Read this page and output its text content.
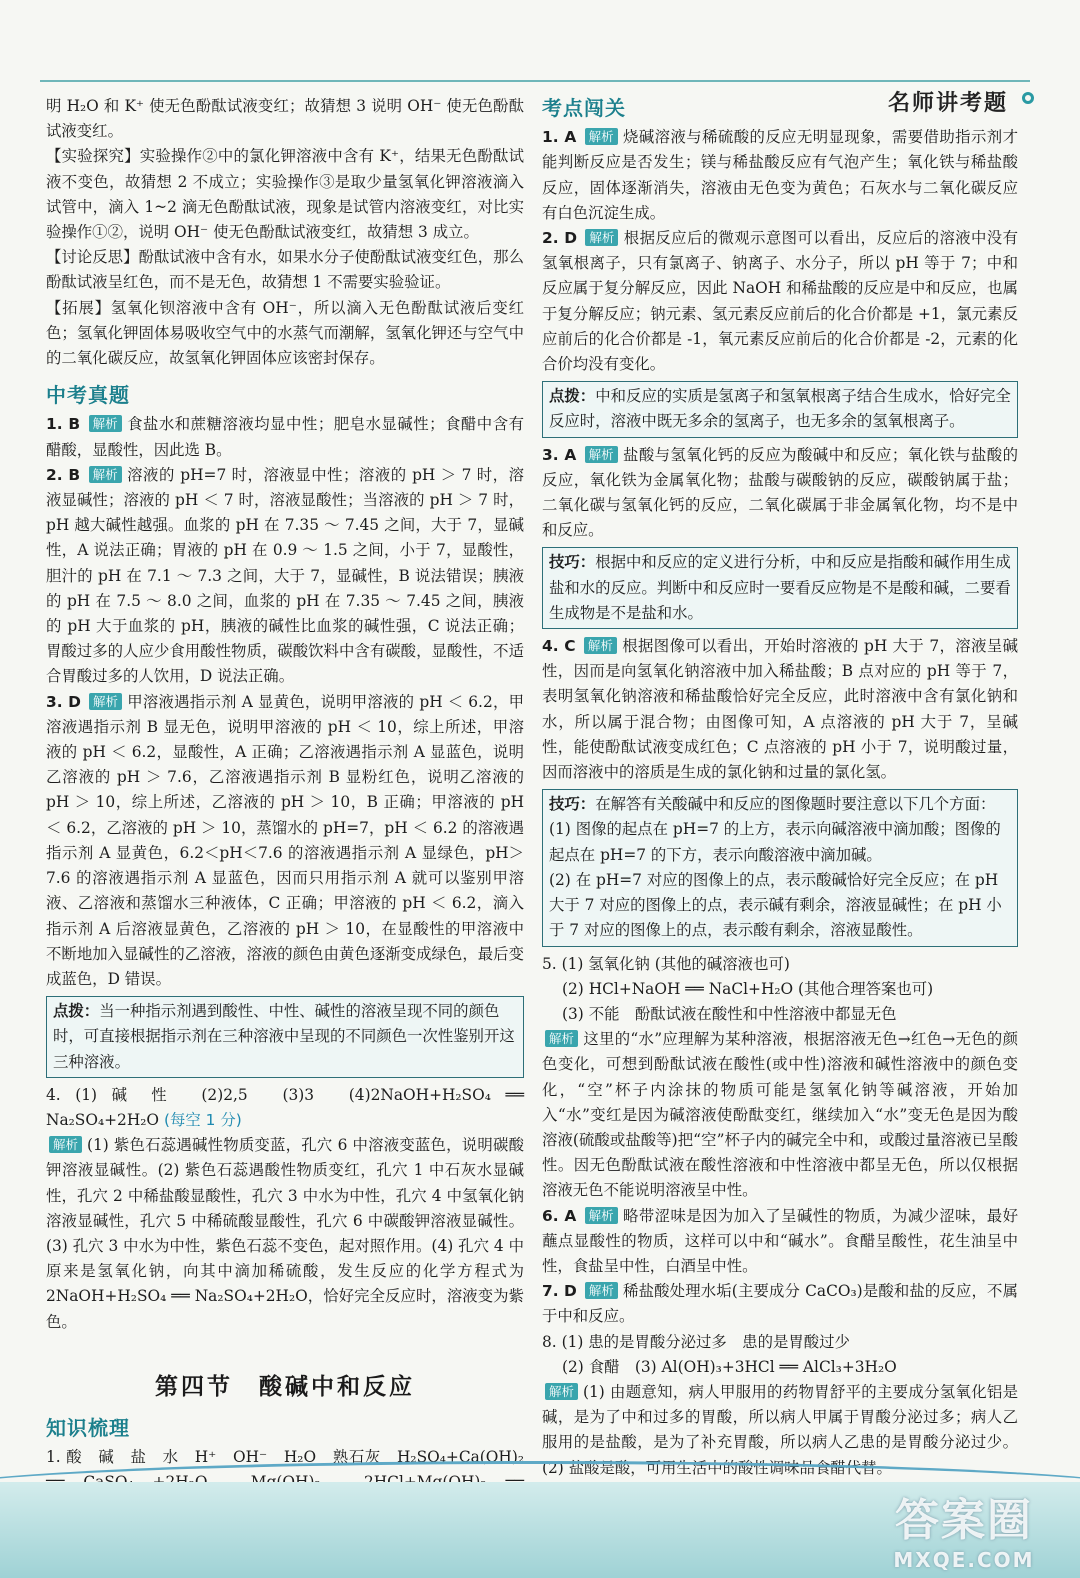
名师讲考题

明 H₂O 和 K⁺ 使无色酚酞试液变红；故猜想 3 说明 OH⁻ 使无色酚酞试液变红。

【实验探究】实验操作②中的氯化钾溶液中含有 K⁺，结果无色酚酞试液不变色，故猜想 2 不成立；实验操作③是取少量氢氧化钾溶液滴入试管中，滴入 1~2 滴无色酚酞试液，现象是试管内溶液变红，对比实验操作①②，说明 OH⁻ 使无色酚酞试液变红，故猜想 3 成立。

【讨论反思】酚酞试液中含有水，如果水分子使酚酞试液变红色，那么酚酞试液呈红色，而不是无色，故猜想 1 不需要实验验证。

【拓展】氢氧化钡溶液中含有 OH⁻，所以滴入无色酚酞试液后变红色；氢氧化钾固体易吸收空气中的水蒸气而潮解，氢氧化钾还与空气中的二氧化碳反应，故氢氧化钾固体应该密封保存。

中考真题

1. B 解析 食盐水和蔗糖溶液均显中性；肥皂水显碱性；食醋中含有醋酸，显酸性，因此选 B。

2. B 解析 溶液的 pH=7 时，溶液显中性；溶液的 pH ＞ 7 时，溶液显碱性；溶液的 pH ＜ 7 时，溶液显酸性；当溶液的 pH ＞ 7 时，pH 越大碱性越强。血浆的 pH 在 7.35 ～ 7.45 之间，大于 7，显碱性，A 说法正确；胃液的 pH 在 0.9 ～ 1.5 之间，小于 7，显酸性，胆汁的 pH 在 7.1 ～ 7.3 之间，大于 7，显碱性，B 说法错误；胰液的 pH 在 7.5 ～ 8.0 之间，血浆的 pH 在 7.35 ～ 7.45 之间，胰液的 pH 大于血浆的 pH，胰液的碱性比血浆的碱性强，C 说法正确；胃酸过多的人应少食用酸性物质，碳酸饮料中含有碳酸，显酸性，不适合胃酸过多的人饮用，D 说法正确。

3. D 解析 甲溶液遇指示剂 A 显黄色，说明甲溶液的 pH ＜ 6.2，甲溶液遇指示剂 B 显无色，说明甲溶液的 pH ＜ 10，综上所述，甲溶液的 pH ＜ 6.2，显酸性，A 正确；乙溶液遇指示剂 A 显蓝色，说明乙溶液的 pH ＞ 7.6，乙溶液遇指示剂 B 显粉红色，说明乙溶液的 pH ＞ 10，综上所述，乙溶液的 pH ＞ 10，B 正确；甲溶液的 pH ＜ 6.2，乙溶液的 pH ＞ 10，蒸馏水的 pH=7，pH ＜ 6.2 的溶液遇指示剂 A 显黄色，6.2＜pH＜7.6 的溶液遇指示剂 A 显绿色，pH＞7.6 的溶液遇指示剂 A 显蓝色，因而只用指示剂 A 就可以鉴别甲溶液、乙溶液和蒸馏水三种液体，C 正确；甲溶液的 pH ＜ 6.2，滴入指示剂 A 后溶液显黄色，乙溶液的 pH ＞ 10，在显酸性的甲溶液中不断地加入显碱性的乙溶液，溶液的颜色由黄色逐渐变成绿色，最后变成蓝色，D 错误。

点拨：当一种指示剂遇到酸性、中性、碱性的溶液呈现不同的颜色时，可直接根据指示剂在三种溶液中呈现的不同颜色一次性鉴别开这三种溶液。

4. (1) 碱 性　(2)2,5　(3)3　(4)2NaOH+H₂SO₄ ══ Na₂SO₄+2H₂O (每空 1 分)

解析 (1) 紫色石蕊遇碱性物质变蓝，孔穴 6 中溶液变蓝色，说明碳酸钾溶液显碱性。(2) 紫色石蕊遇酸性物质变红，孔穴 1 中石灰水显碱性，孔穴 2 中稀盐酸显酸性，孔穴 3 中水为中性，孔穴 4 中氢氧化钠溶液显碱性，孔穴 5 中稀硫酸显酸性，孔穴 6 中碳酸钾溶液显碱性。(3) 孔穴 3 中水为中性，紫色石蕊不变色，起对照作用。(4) 孔穴 4 中原来是氢氧化钠，向其中滴加稀硫酸，发生反应的化学方程式为 2NaOH+H₂SO₄ ══ Na₂SO₄+2H₂O，恰好完全反应时，溶液变为紫色。

第四节　酸碱中和反应
知识梳理

1. 酸　碱　盐　水　H⁺　OH⁻　H₂O　熟石灰　H₂SO₄+Ca(OH)₂ 　　

考点闯关

1. A 解析 烧碱溶液与稀硫酸的反应无明显现象，需要借助指示剂才能判断反应是否发生；镁与稀盐酸反应有气泡产生；氧化铁与稀盐酸反应，固体逐渐消失，溶液由无色变为黄色；石灰水与二氧化碳反应有白色沉淀生成。

2. D 解析 根据反应后的微观示意图可以看出，反应后的溶液中没有氢氧根离子，只有氯离子、钠离子、水分子，所以 pH 等于 7；中和反应属于复分解反应，因此 NaOH 和稀盐酸的反应是中和反应，也属于复分解反应；钠元素、氢元素反应前后的化合价都是 +1，氯元素反应前后的化合价都是 -1，氧元素反应前后的化合价都是 -2，元素的化合价均没有变化。

点拨：中和反应的实质是氢离子和氢氧根离子结合生成水，恰好完全反应时，溶液中既无多余的氢离子，也无多余的氢氧根离子。

3. A 解析 盐酸与氢氧化钙的反应为酸碱中和反应；氧化铁与盐酸的反应，氧化铁为金属氧化物；盐酸与碳酸钠的反应，碳酸钠属于盐；二氧化碳与氢氧化钙的反应，二氧化碳属于非金属氧化物，均不是中和反应。

技巧：根据中和反应的定义进行分析，中和反应是指酸和碱作用生成盐和水的反应。判断中和反应时一要看反应物是不是酸和碱，二要看生成物是不是盐和水。

4. C 解析 根据图像可以看出，开始时溶液的 pH 大于 7，溶液呈碱性，因而是向氢氧化钠溶液中加入稀盐酸；B 点对应的 pH 等于 7，表明氢氧化钠溶液和稀盐酸恰好完全反应，此时溶液中含有氯化钠和水，所以属于混合物；由图像可知，A 点溶液的 pH 大于 7，呈碱性，能使酚酞试液变成红色；C 点溶液的 pH 小于 7，说明酸过量，因而溶液中的溶质是生成的氯化钠和过量的氯化氢。

技巧：在解答有关酸碱中和反应的图像题时要注意以下几个方面：
(1) 图像的起点在 pH=7 的上方，表示向碱溶液中滴加酸；图像的起点在 pH=7 的下方，表示向酸溶液中滴加碱。
(2) 在 pH=7 对应的图像上的点，表示酸碱恰好完全反应；在 pH 大于 7 对应的图像上的点，表示碱有剩余，溶液显碱性；在 pH 小于 7 对应的图像上的点，表示酸有剩余，溶液显酸性。

5. (1) 氢氧化钠 (其他的碱溶液也可)

(2) HCl+NaOH ══ NaCl+H₂O (其他合理答案也可)

(3) 不能　酚酞试液在酸性和中性溶液中都显无色

解析 这里的“水”应理解为某种溶液，根据溶液无色→红色→无色的颜色变化，可想到酚酞试液在酸性(或中性)溶液和碱性溶液中的颜色变化，“空”杯子内涂抹的物质可能是氢氧化钠等碱溶液，开始加入“水”变红是因为碱溶液使酚酞变红，继续加入“水”变无色是因为酸溶液(硫酸或盐酸等)把“空”杯子内的碱完全中和，或酸过量溶液已呈酸性。因无色酚酞试液在酸性溶液和中性溶液中都呈无色，所以仅根据溶液无色不能说明溶液呈中性。

6. A 解析 略带涩味是因为加入了呈碱性的物质，为减少涩味，最好蘸点显酸性的物质，这样可以中和“碱水”。食醋呈酸性，花生油呈中性，食盐呈中性，白酒呈中性。

7. D 解析 稀盐酸处理水垢(主要成分 CaCO₃)是酸和盐的反应，不属于中和反应。

8. (1) 患的是胃酸分泌过多　患的是胃酸过少

(2) 食醋　(3) Al(OH)₃+3HCl ══ AlCl₃+3H₂O

解析 (1) 由题意知，病人甲服用的药物胃舒平的主要成分氢氧化铝是碱，是为了中和过多的胃酸，所以病人甲属于胃酸分泌过多；病人乙服用的是盐酸，是为了补充胃酸，所以病人乙患的是胃酸分泌过少。(2) 盐酸是酸，可用生活中的酸性调味品食醋代替。

答案圈
MXQE.COM
